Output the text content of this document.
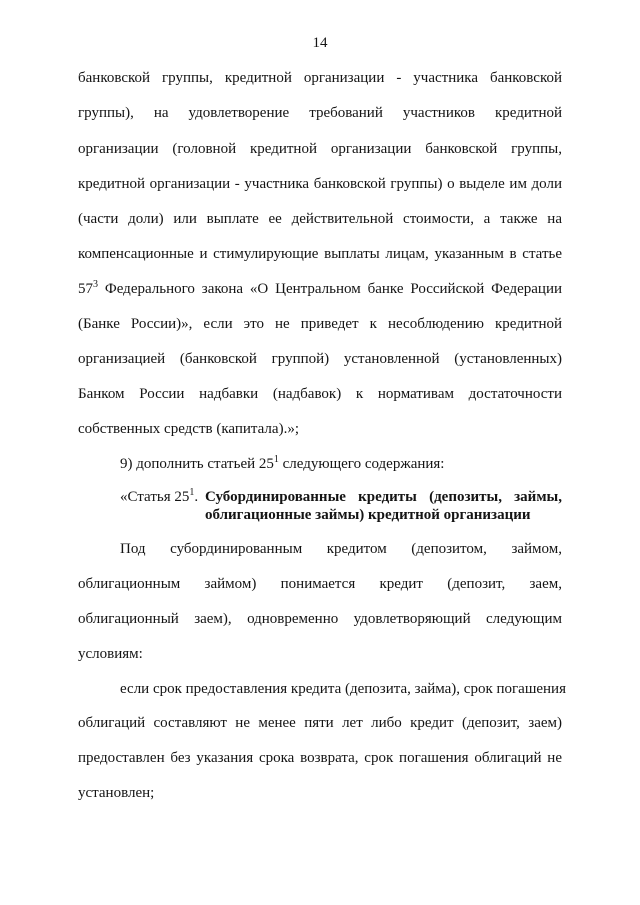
14
банковской группы, кредитной организации - участника банковской
группы), на удовлетворение требований участников кредитной
организации (головной кредитной организации банковской группы,
кредитной организации - участника банковской группы) о выделе им доли
(части доли) или выплате ее действительной стоимости, а также на
компенсационные и стимулирующие выплаты лицам, указанным в статье
$57^3$ Федерального закона «О Центральном банке Российской Федерации
(Банке России)», если это не приведет к несоблюдению кредитной
организацией (банковской группой) установленной (установленных)
Банком России надбавки (надбавок) к нормативам достаточности
собственных средств (капитала).»;
9) дополнить статьей $25^1$ следующего содержания:
«Статья $25^1$. Субординированные кредиты (депозиты, займы,
облигационные займы) кредитной организации
Под субординированным кредитом (депозитом, займом,
облигационным займом) понимается кредит (депозит, заем,
облигационный заем), одновременно удовлетворяющий следующим
условиям:
если срок предоставления кредита (депозита, займа), срок погашения
облигаций составляют не менее пяти лет либо кредит (депозит, заем)
предоставлен без указания срока возврата, срок погашения облигаций не
установлен;
